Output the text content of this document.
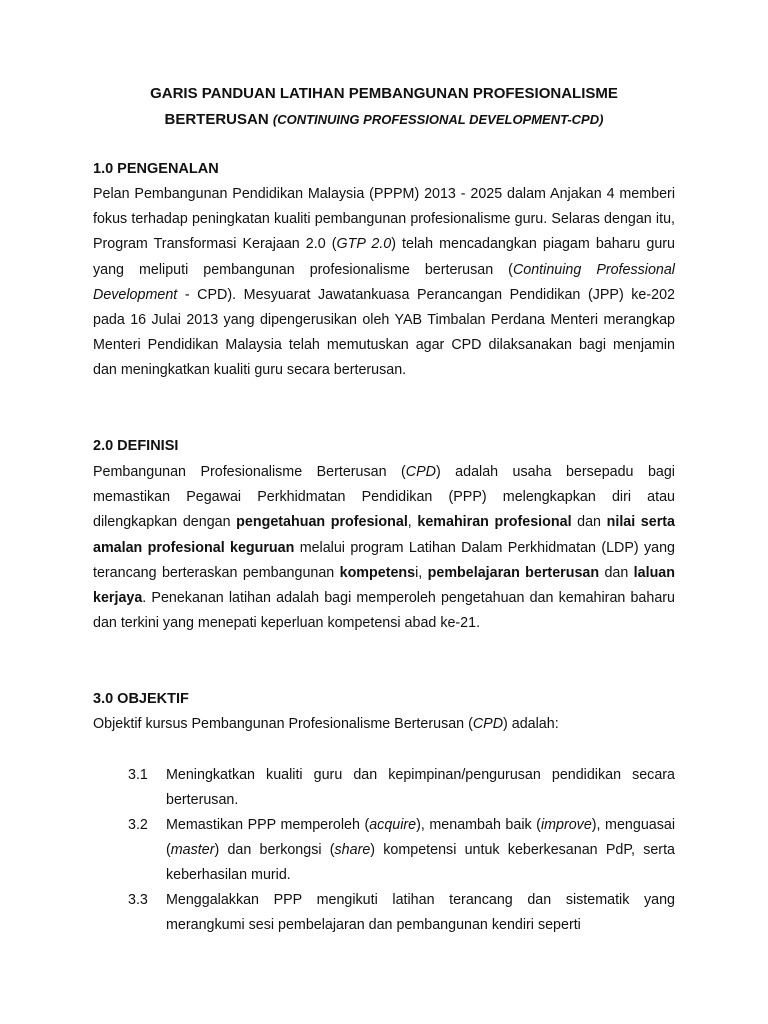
GARIS PANDUAN LATIHAN PEMBANGUNAN PROFESIONALISME
BERTERUSAN (CONTINUING PROFESSIONAL DEVELOPMENT-CPD)
1.0 PENGENALAN

Pelan Pembangunan Pendidikan Malaysia (PPPM) 2013 - 2025 dalam Anjakan 4 memberi fokus terhadap peningkatan kualiti pembangunan profesionalisme guru. Selaras dengan itu, Program Transformasi Kerajaan 2.0 (GTP 2.0) telah mencadangkan piagam baharu guru yang meliputi pembangunan profesionalisme berterusan (Continuing Professional Development - CPD). Mesyuarat Jawatankuasa Perancangan Pendidikan (JPP) ke-202 pada 16 Julai 2013 yang dipengerusikan oleh YAB Timbalan Perdana Menteri merangkap Menteri Pendidikan Malaysia telah memutuskan agar CPD dilaksanakan bagi menjamin dan meningkatkan kualiti guru secara berterusan.

2.0 DEFINISI

Pembangunan Profesionalisme Berterusan (CPD) adalah usaha bersepadu bagi memastikan Pegawai Perkhidmatan Pendidikan (PPP) melengkapkan diri atau dilengkapkan dengan pengetahuan profesional, kemahiran profesional dan nilai serta amalan profesional keguruan melalui program Latihan Dalam Perkhidmatan (LDP) yang terancang berteraskan pembangunan kompetensi, pembelajaran berterusan dan laluan kerjaya. Penekanan latihan adalah bagi memperoleh pengetahuan dan kemahiran baharu dan terkini yang menepati keperluan kompetensi abad ke-21.

3.0 OBJEKTIF

Objektif kursus Pembangunan Profesionalisme Berterusan (CPD) adalah:

3.1 Meningkatkan kualiti guru dan kepimpinan/pengurusan pendidikan secara berterusan.

3.2 Memastikan PPP memperoleh (acquire), menambah baik (improve), menguasai (master) dan berkongsi (share) kompetensi untuk keberkesanan PdP, serta keberhasilan murid.

3.3 Menggalakkan PPP mengikuti latihan terancang dan sistematik yang merangkumi sesi pembelajaran dan pembangunan kendiri seperti
